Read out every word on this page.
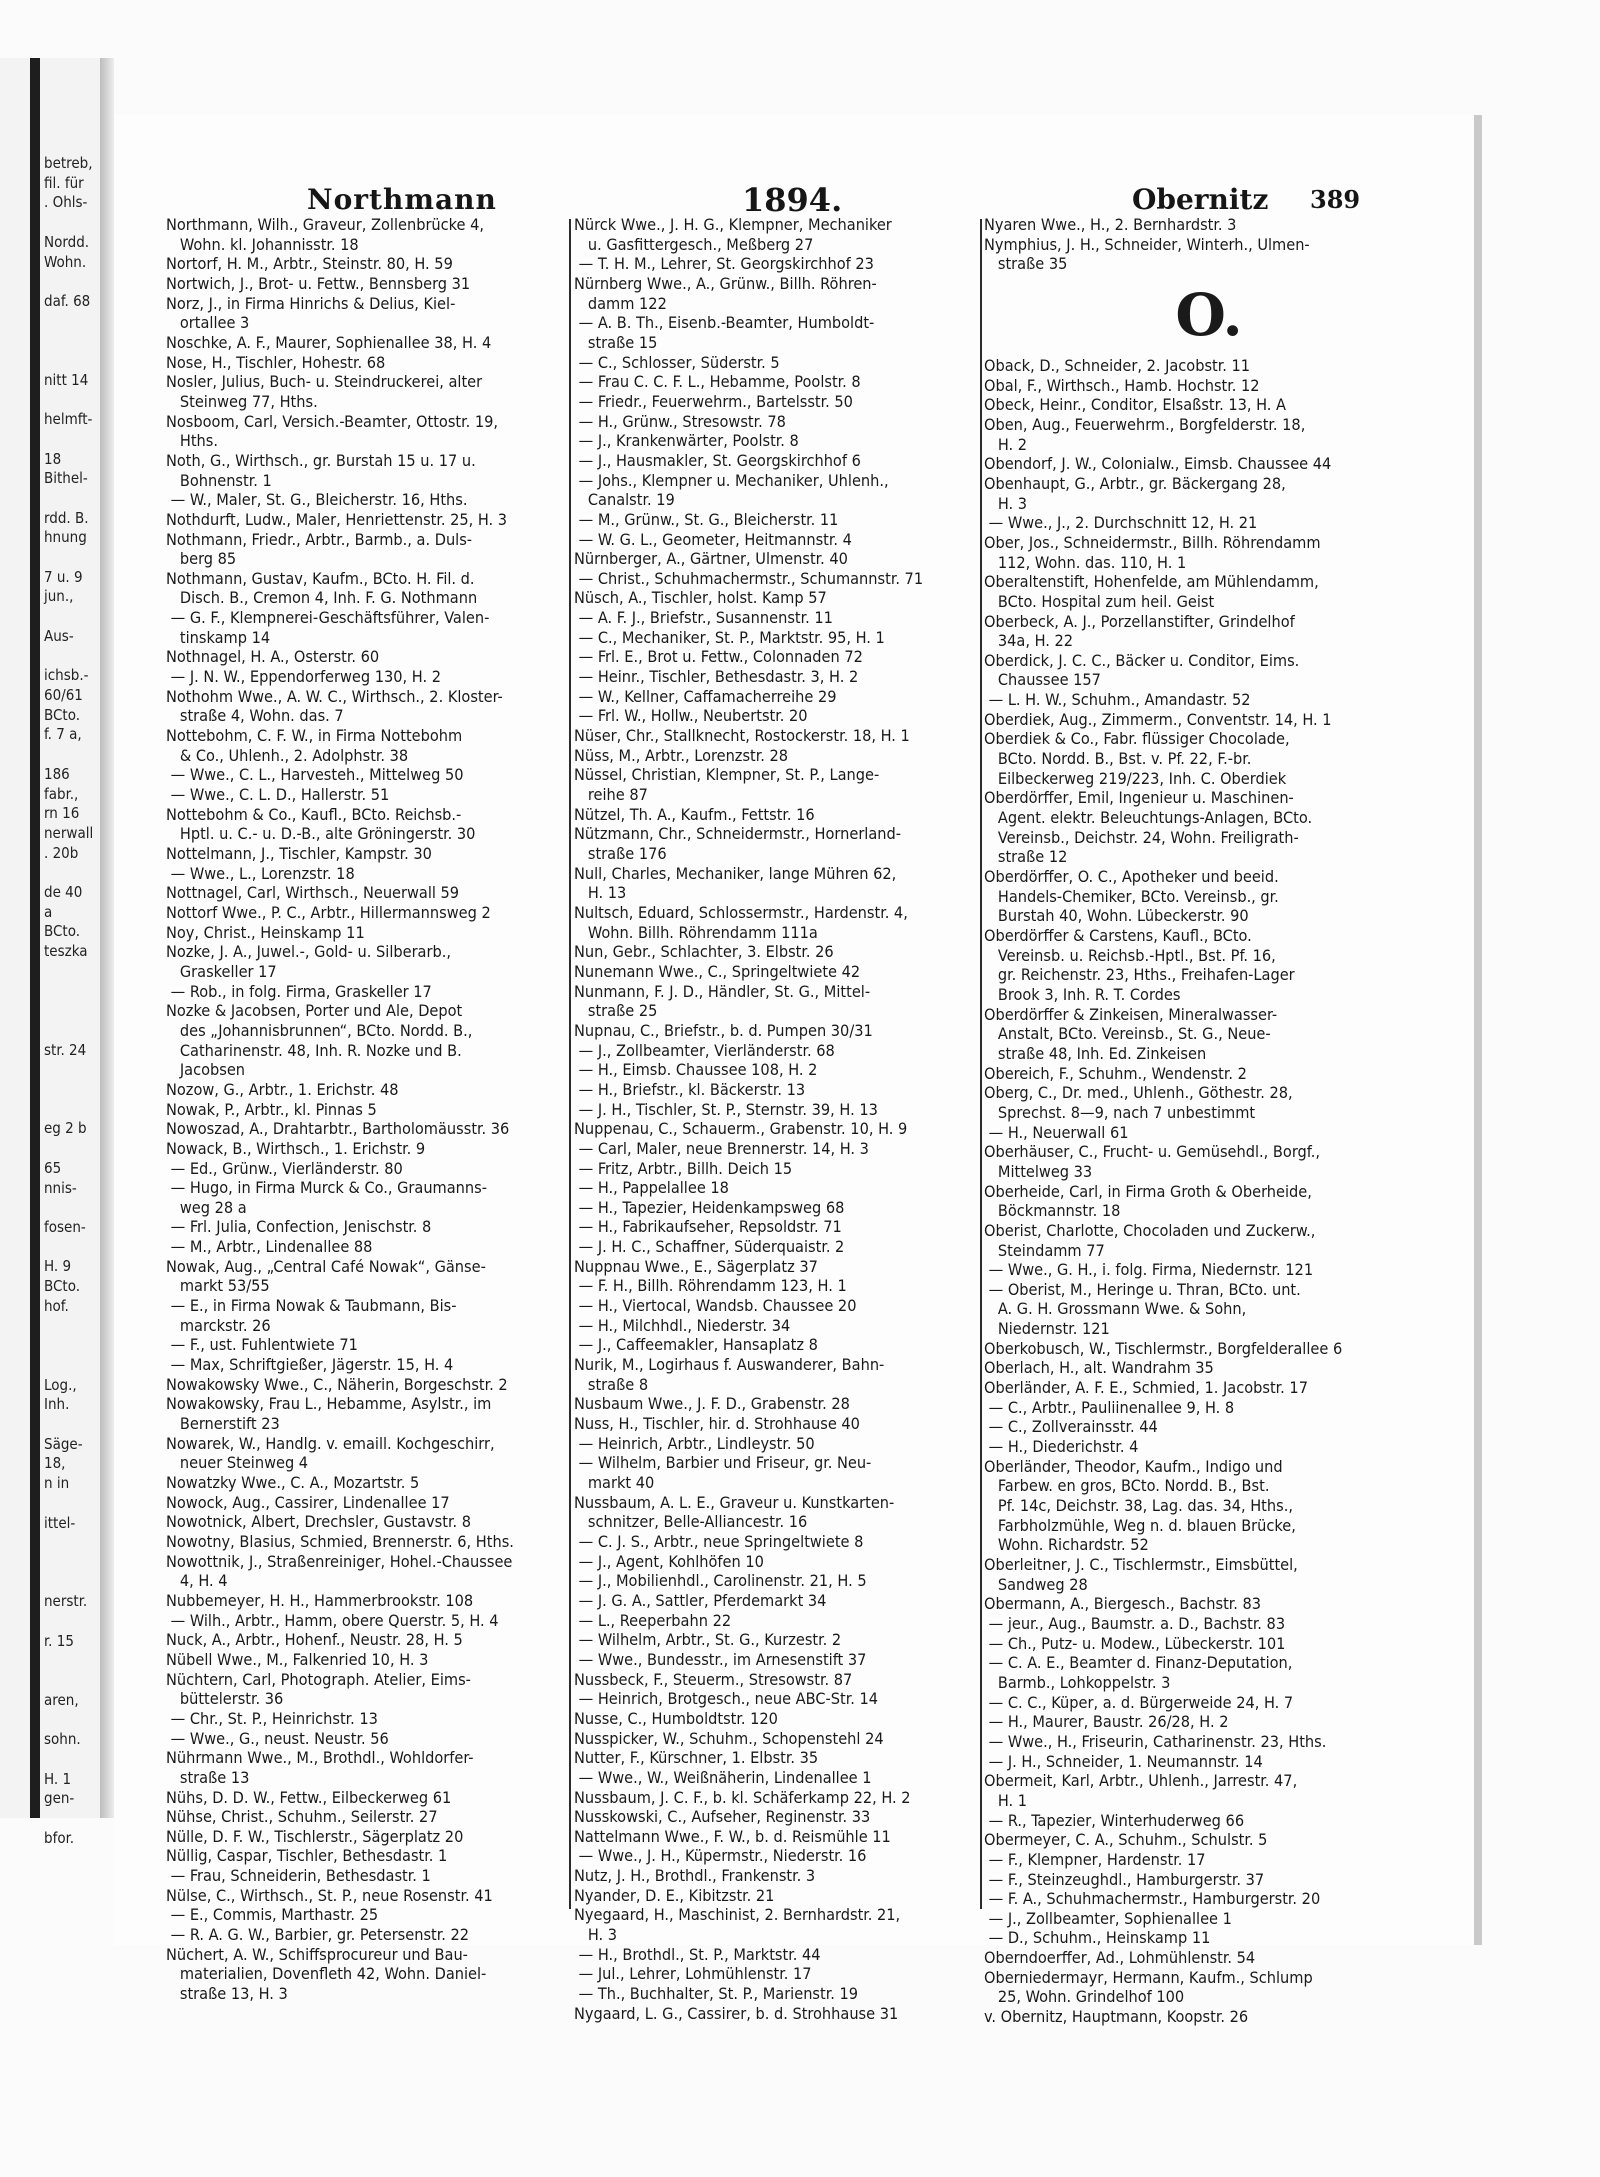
betreb,
fil. für
. Ohls-

Nordd.
Wohn.

daf. 68

nitt 14

helmft-

18
Bithel-

rdd. B.
hnung

7 u. 9
jun.,

Aus-

ichsb.-
60/61
BCto.
f. 7 a,

186
fabr.,
rn 16
nerwall
. 20b

de 40
a
BCto.
teszka

str. 24

eg 2 b

65
nnis-

fosen-

H. 9
BCto.
hof.

Log.,
Inh.

Säge-
18,
n in

ittel-

nerstr.

r. 15

aren,

sohn.

H. 1
gen-

bfor.
Northmann	1894.	Obernitz 389
Northmann, Wilh., Graveur, Zollenbrücke 4,
Wohn. kl. Johannisstr. 18
Nortorf, H. M., Arbtr., Steinstr. 80, H. 59
Nortwich, J., Brot- u. Fettw., Bennsberg 31
Norz, J., in Firma Hinrichs & Delius, Kiel-
ortallee 3
Noschke, A. F., Maurer, Sophienallee 38, H. 4
Nose, H., Tischler, Hohestr. 68
Nosler, Julius, Buch- u. Steindruckerei, alter
Steinweg 77, Hths.
Nosboom, Carl, Versich.-Beamter, Ottostr. 19,
Hths.
Noth, G., Wirthsch., gr. Burstah 15 u. 17 u.
Bohnenstr. 1
— W., Maler, St. G., Bleicherstr. 16, Hths.
Nothdurft, Ludw., Maler, Henriettenstr. 25, H. 3
Nothmann, Friedr., Arbtr., Barmb., a. Duls-
berg 85
Nothmann, Gustav, Kaufm., BCto. H. Fil. d.
Disch. B., Cremon 4, Inh. F. G. Nothmann
— G. F., Klempnerei-Geschäftsführer, Valen-
tinskamp 14
Nothnagel, H. A., Osterstr. 60
— J. N. W., Eppendorferweg 130, H. 2
Nothohm Wwe., A. W. C., Wirthsch., 2. Kloster-
straße 4, Wohn. das. 7
Nottebohm, C. F. W., in Firma Nottebohm
& Co., Uhlenh., 2. Adolphstr. 38
— Wwe., C. L., Harvesteh., Mittelweg 50
— Wwe., C. L. D., Hallerstr. 51
Nottebohm & Co., Kaufl., BCto. Reichsb.-
Hptl. u. C.- u. D.-B., alte Gröningerstr. 30
Nottelmann, J., Tischler, Kampstr. 30
— Wwe., L., Lorenzstr. 18
Nottnagel, Carl, Wirthsch., Neuerwall 59
Nottorf Wwe., P. C., Arbtr., Hillermannsweg 2
Noy, Christ., Heinskamp 11
Nozke, J. A., Juwel.-, Gold- u. Silberarb.,
Graskeller 17
— Rob., in folg. Firma, Graskeller 17
Nozke & Jacobsen, Porter und Ale, Depot
des „Johannisbrunnen“, BCto. Nordd. B.,
Catharinenstr. 48, Inh. R. Nozke und B.
Jacobsen
Nozow, G., Arbtr., 1. Erichstr. 48
Nowak, P., Arbtr., kl. Pinnas 5
Nowoszad, A., Drahtarbtr., Bartholomäusstr. 36
Nowack, B., Wirthsch., 1. Erichstr. 9
— Ed., Grünw., Vierländerstr. 80
— Hugo, in Firma Murck & Co., Graumanns-
weg 28 a
— Frl. Julia, Confection, Jenischstr. 8
— M., Arbtr., Lindenallee 88
Nowak, Aug., „Central Café Nowak“, Gänse-
markt 53/55
— E., in Firma Nowak & Taubmann, Bis-
marckstr. 26
— F., ust. Fuhlentwiete 71
— Max, Schriftgießer, Jägerstr. 15, H. 4
Nowakowsky Wwe., C., Näherin, Borgeschstr. 2
Nowakowsky, Frau L., Hebamme, Asylstr., im
Bernerstift 23
Nowarek, W., Handlg. v. emaill. Kochgeschirr,
neuer Steinweg 4
Nowatzky Wwe., C. A., Mozartstr. 5
Nowock, Aug., Cassirer, Lindenallee 17
Nowotnick, Albert, Drechsler, Gustavstr. 8
Nowotny, Blasius, Schmied, Brennerstr. 6, Hths.
Nowottnik, J., Straßenreiniger, Hohel.-Chaussee
4, H. 4
Nubbemeyer, H. H., Hammerbrookstr. 108
— Wilh., Arbtr., Hamm, obere Querstr. 5, H. 4
Nuck, A., Arbtr., Hohenf., Neustr. 28, H. 5
Nübell Wwe., M., Falkenried 10, H. 3
Nüchtern, Carl, Photograph. Atelier, Eims-
büttelerstr. 36
— Chr., St. P., Heinrichstr. 13
— Wwe., G., neust. Neustr. 56
Nührmann Wwe., M., Brothdl., Wohldorfer-
straße 13
Nühs, D. D. W., Fettw., Eilbeckerweg 61
Nühse, Christ., Schuhm., Seilerstr. 27
Nülle, D. F. W., Tischlerstr., Sägerplatz 20
Nüllig, Caspar, Tischler, Bethesdastr. 1
— Frau, Schneiderin, Bethesdastr. 1
Nülse, C., Wirthsch., St. P., neue Rosenstr. 41
— E., Commis, Marthastr. 25
— R. A. G. W., Barbier, gr. Petersenstr. 22
Nüchert, A. W., Schiffsprocureur und Bau-
materialien, Dovenfleth 42, Wohn. Daniel-
straße 13, H. 3
Nürck Wwe., J. H. G., Klempner, Mechaniker
u. Gasfittergesch., Meßberg 27
— T. H. M., Lehrer, St. Georgskirchhof 23
Nürnberg Wwe., A., Grünw., Billh. Röhren-
damm 122
— A. B. Th., Eisenb.-Beamter, Humboldt-
straße 15
— C., Schlosser, Süderstr. 5
— Frau C. C. F. L., Hebamme, Poolstr. 8
— Friedr., Feuerwehrm., Bartelsstr. 50
— H., Grünw., Stresowstr. 78
— J., Krankenwärter, Poolstr. 8
— J., Hausmakler, St. Georgskirchhof 6
— Johs., Klempner u. Mechaniker, Uhlenh.,
Canalstr. 19
— M., Grünw., St. G., Bleicherstr. 11
— W. G. L., Geometer, Heitmannstr. 4
Nürnberger, A., Gärtner, Ulmenstr. 40
— Christ., Schuhmachermstr., Schumannstr. 71
Nüsch, A., Tischler, holst. Kamp 57
— A. F. J., Briefstr., Susannenstr. 11
— C., Mechaniker, St. P., Marktstr. 95, H. 1
— Frl. E., Brot u. Fettw., Colonnaden 72
— Heinr., Tischler, Bethesdastr. 3, H. 2
— W., Kellner, Caffamacherreihe 29
— Frl. W., Hollw., Neubertstr. 20
Nüser, Chr., Stallknecht, Rostockerstr. 18, H. 1
Nüss, M., Arbtr., Lorenzstr. 28
Nüssel, Christian, Klempner, St. P., Lange-
reihe 87
Nützel, Th. A., Kaufm., Fettstr. 16
Nützmann, Chr., Schneidermstr., Hornerland-
straße 176
Null, Charles, Mechaniker, lange Mühren 62,
H. 13
Nultsch, Eduard, Schlossermstr., Hardenstr. 4,
Wohn. Billh. Röhrendamm 111a
Nun, Gebr., Schlachter, 3. Elbstr. 26
Nunemann Wwe., C., Springeltwiete 42
Nunmann, F. J. D., Händler, St. G., Mittel-
straße 25
Nupnau, C., Briefstr., b. d. Pumpen 30/31
— J., Zollbeamter, Vierländerstr. 68
— H., Eimsb. Chaussee 108, H. 2
— H., Briefstr., kl. Bäckerstr. 13
— J. H., Tischler, St. P., Sternstr. 39, H. 13
Nuppenau, C., Schauerm., Grabenstr. 10, H. 9
— Carl, Maler, neue Brennerstr. 14, H. 3
— Fritz, Arbtr., Billh. Deich 15
— H., Pappelallee 18
— H., Tapezier, Heidenkampsweg 68
— H., Fabrikaufseher, Repsoldstr. 71
— J. H. C., Schaffner, Süderquaistr. 2
Nuppnau Wwe., E., Sägerplatz 37
— F. H., Billh. Röhrendamm 123, H. 1
— H., Viertocal, Wandsb. Chaussee 20
— H., Milchhdl., Niederstr. 34
— J., Caffeemakler, Hansaplatz 8
Nurik, M., Logirhaus f. Auswanderer, Bahn-
straße 8
Nusbaum Wwe., J. F. D., Grabenstr. 28
Nuss, H., Tischler, hir. d. Strohhause 40
— Heinrich, Arbtr., Lindleystr. 50
— Wilhelm, Barbier und Friseur, gr. Neu-
markt 40
Nussbaum, A. L. E., Graveur u. Kunstkarten-
schnitzer, Belle-Alliancestr. 16
— C. J. S., Arbtr., neue Springeltwiete 8
— J., Agent, Kohlhöfen 10
— J., Mobilienhdl., Carolinenstr. 21, H. 5
— J. G. A., Sattler, Pferdemarkt 34
— L., Reeperbahn 22
— Wilhelm, Arbtr., St. G., Kurzestr. 2
— Wwe., Bundesstr., im Arnesenstift 37
Nussbeck, F., Steuerm., Stresowstr. 87
— Heinrich, Brotgesch., neue ABC-Str. 14
Nusse, C., Humboldtstr. 120
Nusspicker, W., Schuhm., Schopenstehl 24
Nutter, F., Kürschner, 1. Elbstr. 35
— Wwe., W., Weißnäherin, Lindenallee 1
Nussbaum, J. C. F., b. kl. Schäferkamp 22, H. 2
Nusskowski, C., Aufseher, Reginenstr. 33
Nattelmann Wwe., F. W., b. d. Reismühle 11
— Wwe., J. H., Küpermstr., Niederstr. 16
Nutz, J. H., Brothdl., Frankenstr. 3
Nyander, D. E., Kibitzstr. 21
Nyegaard, H., Maschinist, 2. Bernhardstr. 21,
H. 3
— H., Brothdl., St. P., Marktstr. 44
— Jul., Lehrer, Lohmühlenstr. 17
— Th., Buchhalter, St. P., Marienstr. 19
Nygaard, L. G., Cassirer, b. d. Strohhause 31
Nyaren Wwe., H., 2. Bernhardstr. 3
Nymphius, J. H., Schneider, Winterh., Ulmen-
straße 35
O.
Oback, D., Schneider, 2. Jacobstr. 11
Obal, F., Wirthsch., Hamb. Hochstr. 12
Obeck, Heinr., Conditor, Elsaßstr. 13, H. A
Oben, Aug., Feuerwehrm., Borgfelderstr. 18,
H. 2
Obendorf, J. W., Colonialw., Eimsb. Chaussee 44
Obenhaupt, G., Arbtr., gr. Bäckergang 28,
H. 3
— Wwe., J., 2. Durchschnitt 12, H. 21
Ober, Jos., Schneidermstr., Billh. Röhrendamm
112, Wohn. das. 110, H. 1
Oberaltenstift, Hohenfelde, am Mühlendamm,
BCto. Hospital zum heil. Geist
Oberbeck, A. J., Porzellanstifter, Grindelhof
34a, H. 22
Oberdick, J. C. C., Bäcker u. Conditor, Eims.
Chaussee 157
— L. H. W., Schuhm., Amandastr. 52
Oberdiek, Aug., Zimmerm., Conventstr. 14, H. 1
Oberdiek & Co., Fabr. flüssiger Chocolade,
BCto. Nordd. B., Bst. v. Pf. 22, F.-br.
Eilbeckerweg 219/223, Inh. C. Oberdiek
Oberdörffer, Emil, Ingenieur u. Maschinen-
Agent. elektr. Beleuchtungs-Anlagen, BCto.
Vereinsb., Deichstr. 24, Wohn. Freiligrath-
straße 12
Oberdörffer, O. C., Apotheker und beeid.
Handels-Chemiker, BCto. Vereinsb., gr.
Burstah 40, Wohn. Lübeckerstr. 90
Oberdörffer & Carstens, Kaufl., BCto.
Vereinsb. u. Reichsb.-Hptl., Bst. Pf. 16,
gr. Reichenstr. 23, Hths., Freihafen-Lager
Brook 3, Inh. R. T. Cordes
Oberdörffer & Zinkeisen, Mineralwasser-
Anstalt, BCto. Vereinsb., St. G., Neue-
straße 48, Inh. Ed. Zinkeisen
Obereich, F., Schuhm., Wendenstr. 2
Oberg, C., Dr. med., Uhlenh., Göthestr. 28,
Sprechst. 8—9, nach 7 unbestimmt
— H., Neuerwall 61
Oberhäuser, C., Frucht- u. Gemüsehdl., Borgf.,
Mittelweg 33
Oberheide, Carl, in Firma Groth & Oberheide,
Böckmannstr. 18
Oberist, Charlotte, Chocoladen und Zuckerw.,
Steindamm 77
— Wwe., G. H., i. folg. Firma, Niedernstr. 121
— Oberist, M., Heringe u. Thran, BCto. unt.
A. G. H. Grossmann Wwe. & Sohn,
Niedernstr. 121
Oberkobusch, W., Tischlermstr., Borgfelderallee 6
Oberlach, H., alt. Wandrahm 35
Oberländer, A. F. E., Schmied, 1. Jacobstr. 17
— C., Arbtr., Pauliinenallee 9, H. 8
— C., Zollverainsstr. 44
— H., Diederichstr. 4
Oberländer, Theodor, Kaufm., Indigo und
Farbew. en gros, BCto. Nordd. B., Bst.
Pf. 14c, Deichstr. 38, Lag. das. 34, Hths.,
Farbholzmühle, Weg n. d. blauen Brücke,
Wohn. Richardstr. 52
Oberleitner, J. C., Tischlermstr., Eimsbüttel,
Sandweg 28
Obermann, A., Biergesch., Bachstr. 83
— jeur., Aug., Baumstr. a. D., Bachstr. 83
— Ch., Putz- u. Modew., Lübeckerstr. 101
— C. A. E., Beamter d. Finanz-Deputation,
Barmb., Lohkoppelstr. 3
— C. C., Küper, a. d. Bürgerweide 24, H. 7
— H., Maurer, Baustr. 26/28, H. 2
— Wwe., H., Friseurin, Catharinenstr. 23, Hths.
— J. H., Schneider, 1. Neumannstr. 14
Obermeit, Karl, Arbtr., Uhlenh., Jarrestr. 47,
H. 1
— R., Tapezier, Winterhuderweg 66
Obermeyer, C. A., Schuhm., Schulstr. 5
— F., Klempner, Hardenstr. 17
— F., Steinzeughdl., Hamburgerstr. 37
— F. A., Schuhmachermstr., Hamburgerstr. 20
— J., Zollbeamter, Sophienallee 1
— D., Schuhm., Heinskamp 11
Oberndoerffer, Ad., Lohmühlenstr. 54
Oberniedermayr, Hermann, Kaufm., Schlump
25, Wohn. Grindelhof 100
v. Obernitz, Hauptmann, Koopstr. 26
